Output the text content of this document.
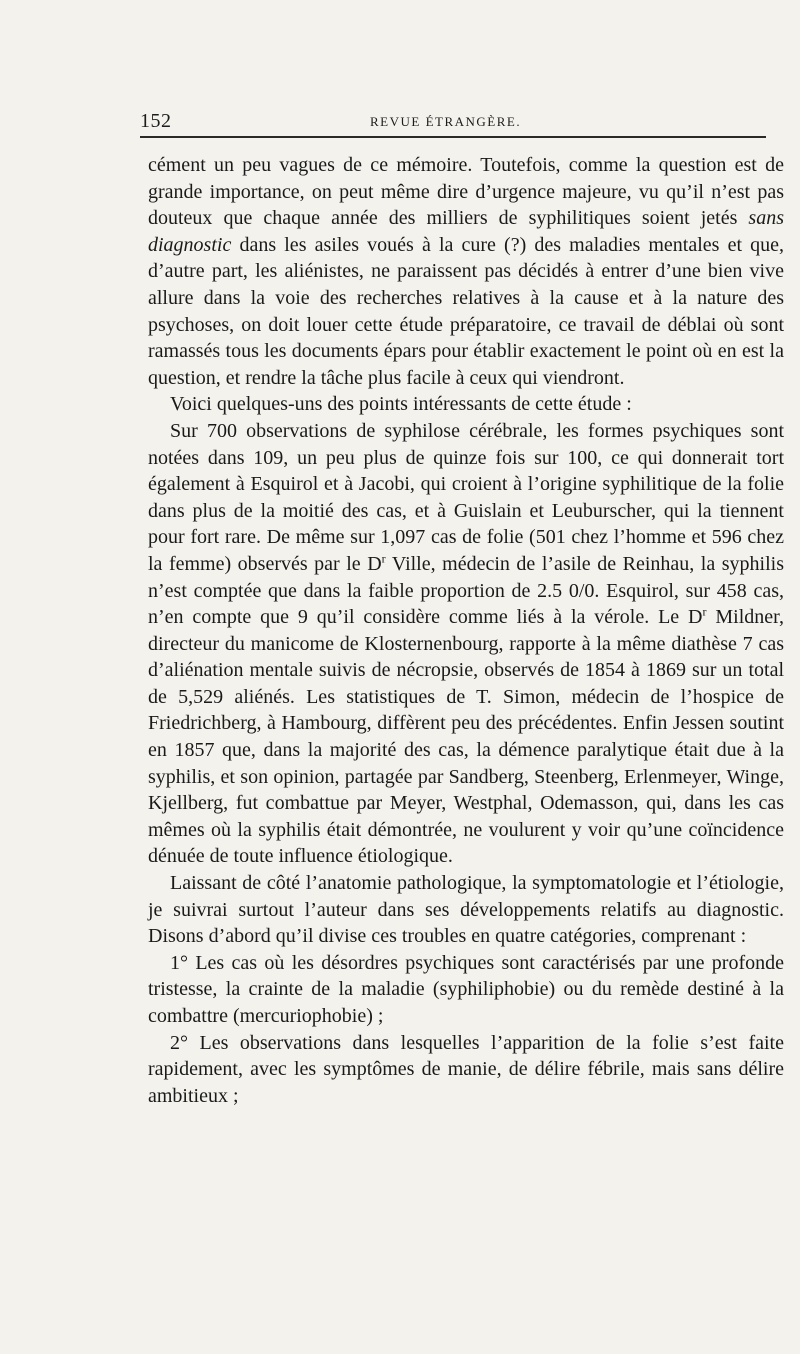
152	REVUE ÉTRANGÈRE.

cément un peu vagues de ce mémoire. Toutefois, comme la question est de grande importance, on peut même dire d’urgence majeure, vu qu’il n’est pas douteux que chaque année des milliers de syphilitiques soient jetés sans diagnostic dans les asiles voués à la cure (?) des maladies mentales et que, d’autre part, les aliénistes, ne paraissent pas décidés à entrer d’une bien vive allure dans la voie des recherches relatives à la cause et à la nature des psychoses, on doit louer cette étude préparatoire, ce travail de déblai où sont ramassés tous les documents épars pour établir exactement le point où en est la question, et rendre la tâche plus facile à ceux qui viendront.

Voici quelques-uns des points intéressants de cette étude :

Sur 700 observations de syphilose cérébrale, les formes psychiques sont notées dans 109, un peu plus de quinze fois sur 100, ce qui donnerait tort également à Esquirol et à Jacobi, qui croient à l’origine syphilitique de la folie dans plus de la moitié des cas, et à Guislain et Leuburscher, qui la tiennent pour fort rare. De même sur 1,097 cas de folie (501 chez l’homme et 596 chez la femme) observés par le $D^r$ Ville, médecin de l’asile de Reinhau, la syphilis n’est comptée que dans la faible proportion de 2.5 0/0. Esquirol, sur 458 cas, n’en compte que 9 qu’il considère comme liés à la vérole. Le $D^r$ Mildner, directeur du manicome de Klosternenbourg, rapporte à la même diathèse 7 cas d’aliénation mentale suivis de nécropsie, observés de 1854 à 1869 sur un total de 5,529 aliénés. Les statistiques de T. Simon, médecin de l’hospice de Friedrichberg, à Hambourg, diffèrent peu des précédentes. Enfin Jessen soutint en 1857 que, dans la majorité des cas, la démence paralytique était due à la syphilis, et son opinion, partagée par Sandberg, Steenberg, Erlenmeyer, Winge, Kjellberg, fut combattue par Meyer, Westphal, Odemasson, qui, dans les cas mêmes où la syphilis était démontrée, ne voulurent y voir qu’une coïncidence dénuée de toute influence étiologique.

Laissant de côté l’anatomie pathologique, la symptomatologie et l’étiologie, je suivrai surtout l’auteur dans ses développements relatifs au diagnostic. Disons d’abord qu’il divise ces troubles en quatre catégories, comprenant :

1° Les cas où les désordres psychiques sont caractérisés par une profonde tristesse, la crainte de la maladie (syphiliphobie) ou du remède destiné à la combattre (mercuriophobie) ;

2° Les observations dans lesquelles l’apparition de la folie s’est faite rapidement, avec les symptômes de manie, de délire fébrile, mais sans délire ambitieux ;
